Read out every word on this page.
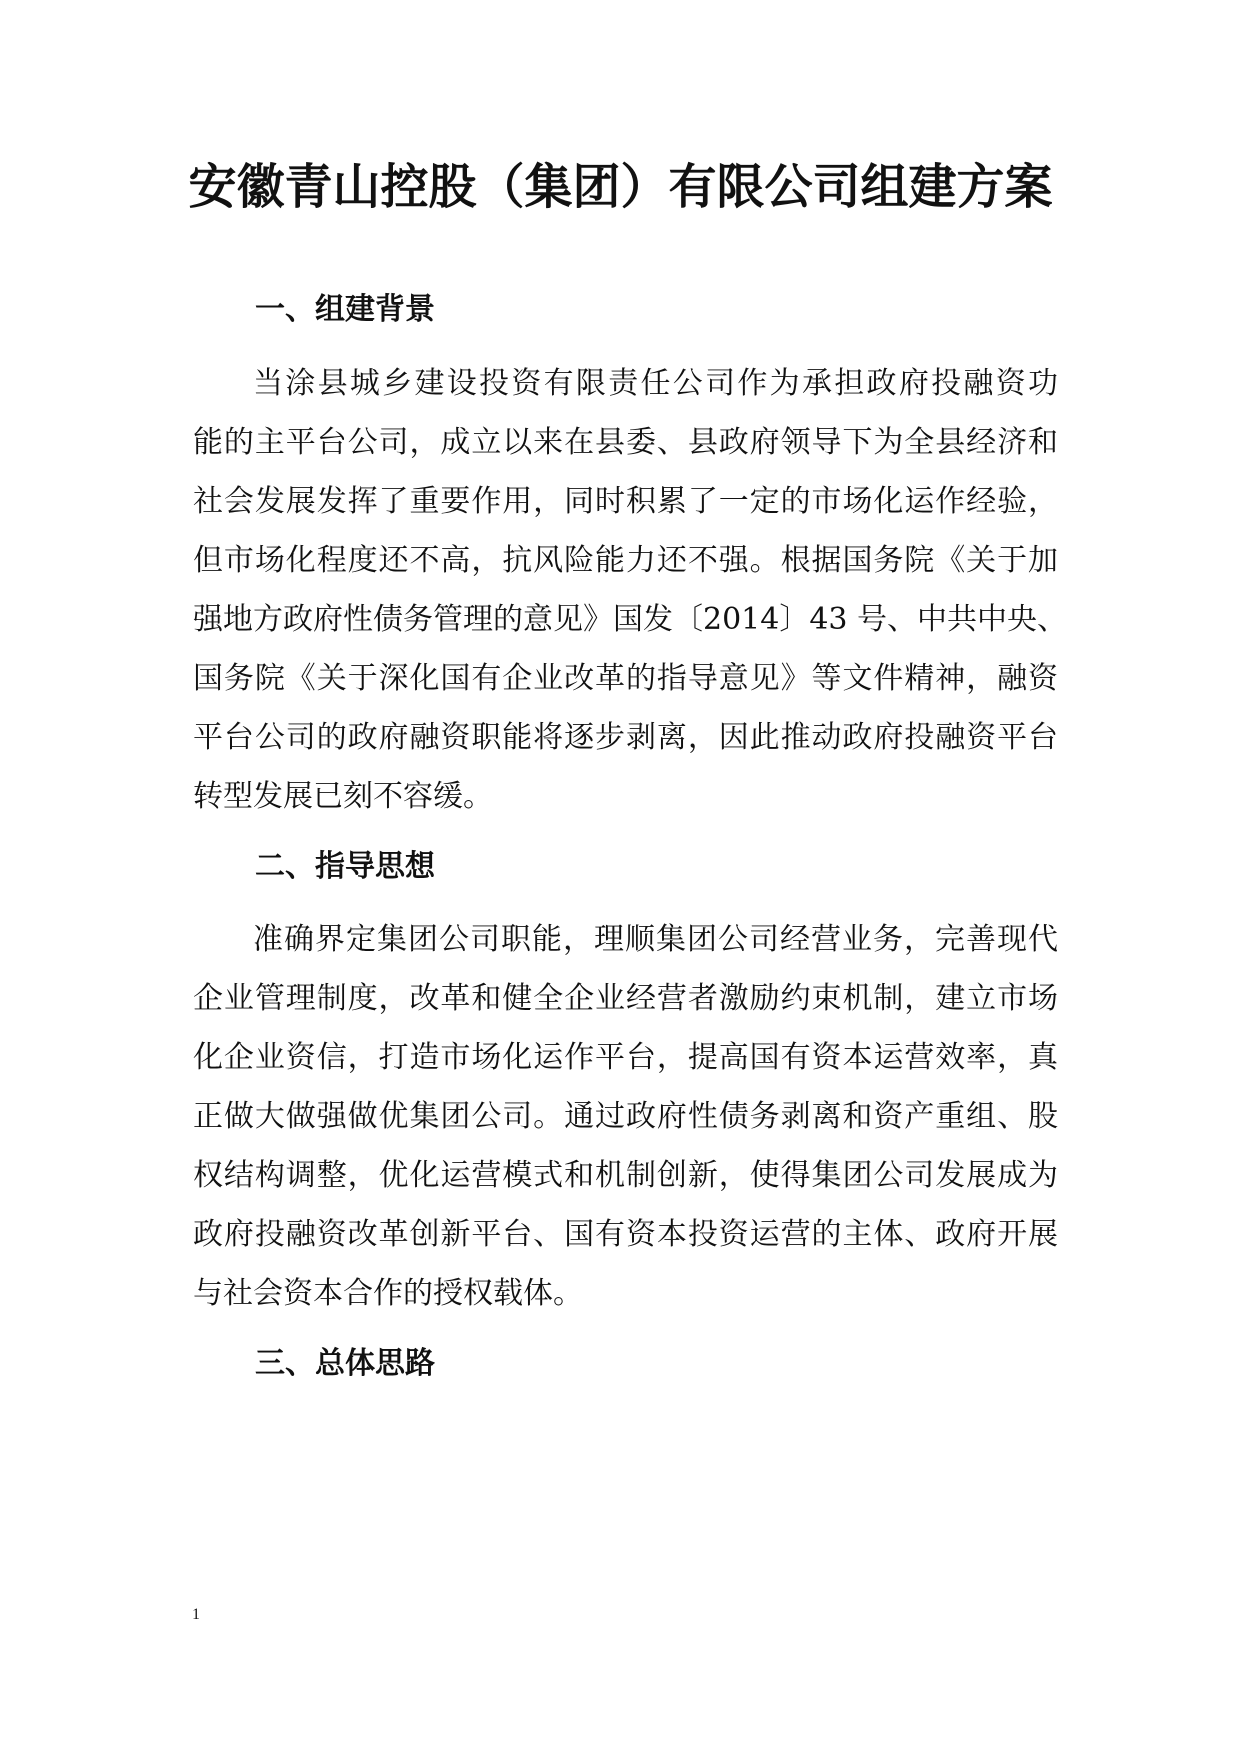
安徽青山控股（集团）有限公司组建方案
一、组建背景

当涂县城乡建设投资有限责任公司作为承担政府投融资功

能的主平台公司，成立以来在县委、县政府领导下为全县经济和

社会发展发挥了重要作用，同时积累了一定的市场化运作经验，

但市场化程度还不高，抗风险能力还不强。根据国务院《关于加

强地方政府性债务管理的意见》国发〔2014〕43 号、中共中央、

国务院《关于深化国有企业改革的指导意见》等文件精神，融资

平台公司的政府融资职能将逐步剥离，因此推动政府投融资平台

转型发展已刻不容缓。

二、指导思想

准确界定集团公司职能，理顺集团公司经营业务，完善现代

企业管理制度，改革和健全企业经营者激励约束机制，建立市场

化企业资信，打造市场化运作平台，提高国有资本运营效率，真

正做大做强做优集团公司。通过政府性债务剥离和资产重组、股

权结构调整，优化运营模式和机制创新，使得集团公司发展成为

政府投融资改革创新平台、国有资本投资运营的主体、政府开展

与社会资本合作的授权载体。

三、总体思路
1
